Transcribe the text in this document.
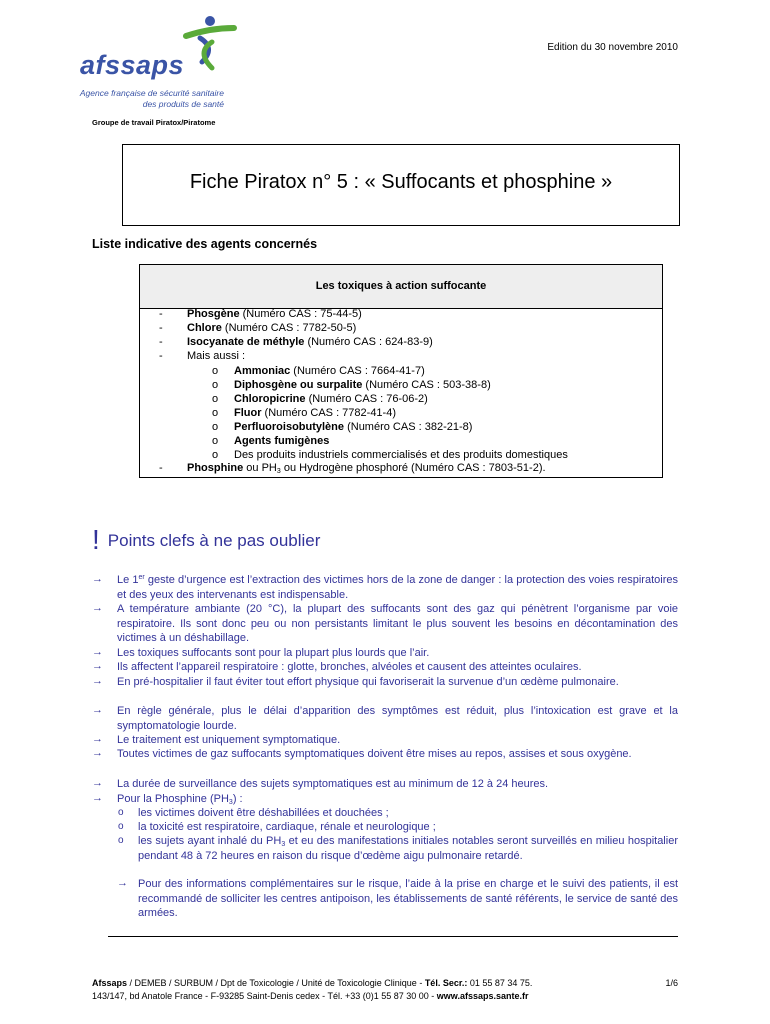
afssaps
Agence française de sécurité sanitaire
des produits de santé
Edition du 30 novembre 2010
Groupe de travail Piratox/Piratome
Fiche Piratox n° 5 : « Suffocants et phosphine »
Liste indicative des agents concernés
Les toxiques à action suffocante
- Phosgène (Numéro CAS : 75-44-5)
- Chlore (Numéro CAS : 7782-50-5)
- Isocyanate de méthyle (Numéro CAS : 624-83-9)
- Mais aussi :
o Ammoniac (Numéro CAS : 7664-41-7)
o Diphosgène ou surpalite (Numéro CAS : 503-38-8)
o Chloropicrine (Numéro CAS : 76-06-2)
o Fluor (Numéro CAS : 7782-41-4)
o Perfluoroisobutylène (Numéro CAS : 382-21-8)
o Agents fumigènes
o Des produits industriels commercialisés et des produits domestiques
- Phosphine ou $PH_3$ ou Hydrogène phosphoré (Numéro CAS : 7803-51-2).
! Points clefs à ne pas oublier
→ Le 1er geste d’urgence est l’extraction des victimes hors de la zone de danger : la protection des voies respiratoires et des yeux des intervenants est indispensable.
→ A température ambiante (20 °C), la plupart des suffocants sont des gaz qui pénètrent l’organisme par voie respiratoire. Ils sont donc peu ou non persistants limitant le plus souvent les besoins en décontamination des victimes à un déshabillage.
→ Les toxiques suffocants sont pour la plupart plus lourds que l’air.
→ Ils affectent l’appareil respiratoire : glotte, bronches, alvéoles et causent des atteintes oculaires.
→ En pré-hospitalier il faut éviter tout effort physique qui favoriserait la survenue d’un œdème pulmonaire.
→ En règle générale, plus le délai d’apparition des symptômes est réduit, plus l’intoxication est grave et la symptomatologie lourde.
→ Le traitement est uniquement symptomatique.
→ Toutes victimes de gaz suffocants symptomatiques doivent être mises au repos, assises et sous oxygène.
→ La durée de surveillance des sujets symptomatiques est au minimum de 12 à 24 heures.
→ Pour la Phosphine $(PH_3)$ :
o les victimes doivent être déshabillées et douchées ;
o la toxicité est respiratoire, cardiaque, rénale et neurologique ;
o les sujets ayant inhalé du $PH_3$ et eu des manifestations initiales notables seront surveillés en milieu hospitalier pendant 48 à 72 heures en raison du risque d’œdème aigu pulmonaire retardé.
→ Pour des informations complémentaires sur le risque, l’aide à la prise en charge et le suivi des patients, il est recommandé de solliciter les centres antipoison, les établissements de santé référents, le service de santé des armées.
Afssaps / DEMEB / SURBUM / Dpt de Toxicologie / Unité de Toxicologie Clinique - Tél. Secr.: 01 55 87 34 75.
143/147, bd Anatole France - F-93285 Saint-Denis cedex - Tél. +33 (0)1 55 87 30 00 - www.afssaps.sante.fr
1/6
